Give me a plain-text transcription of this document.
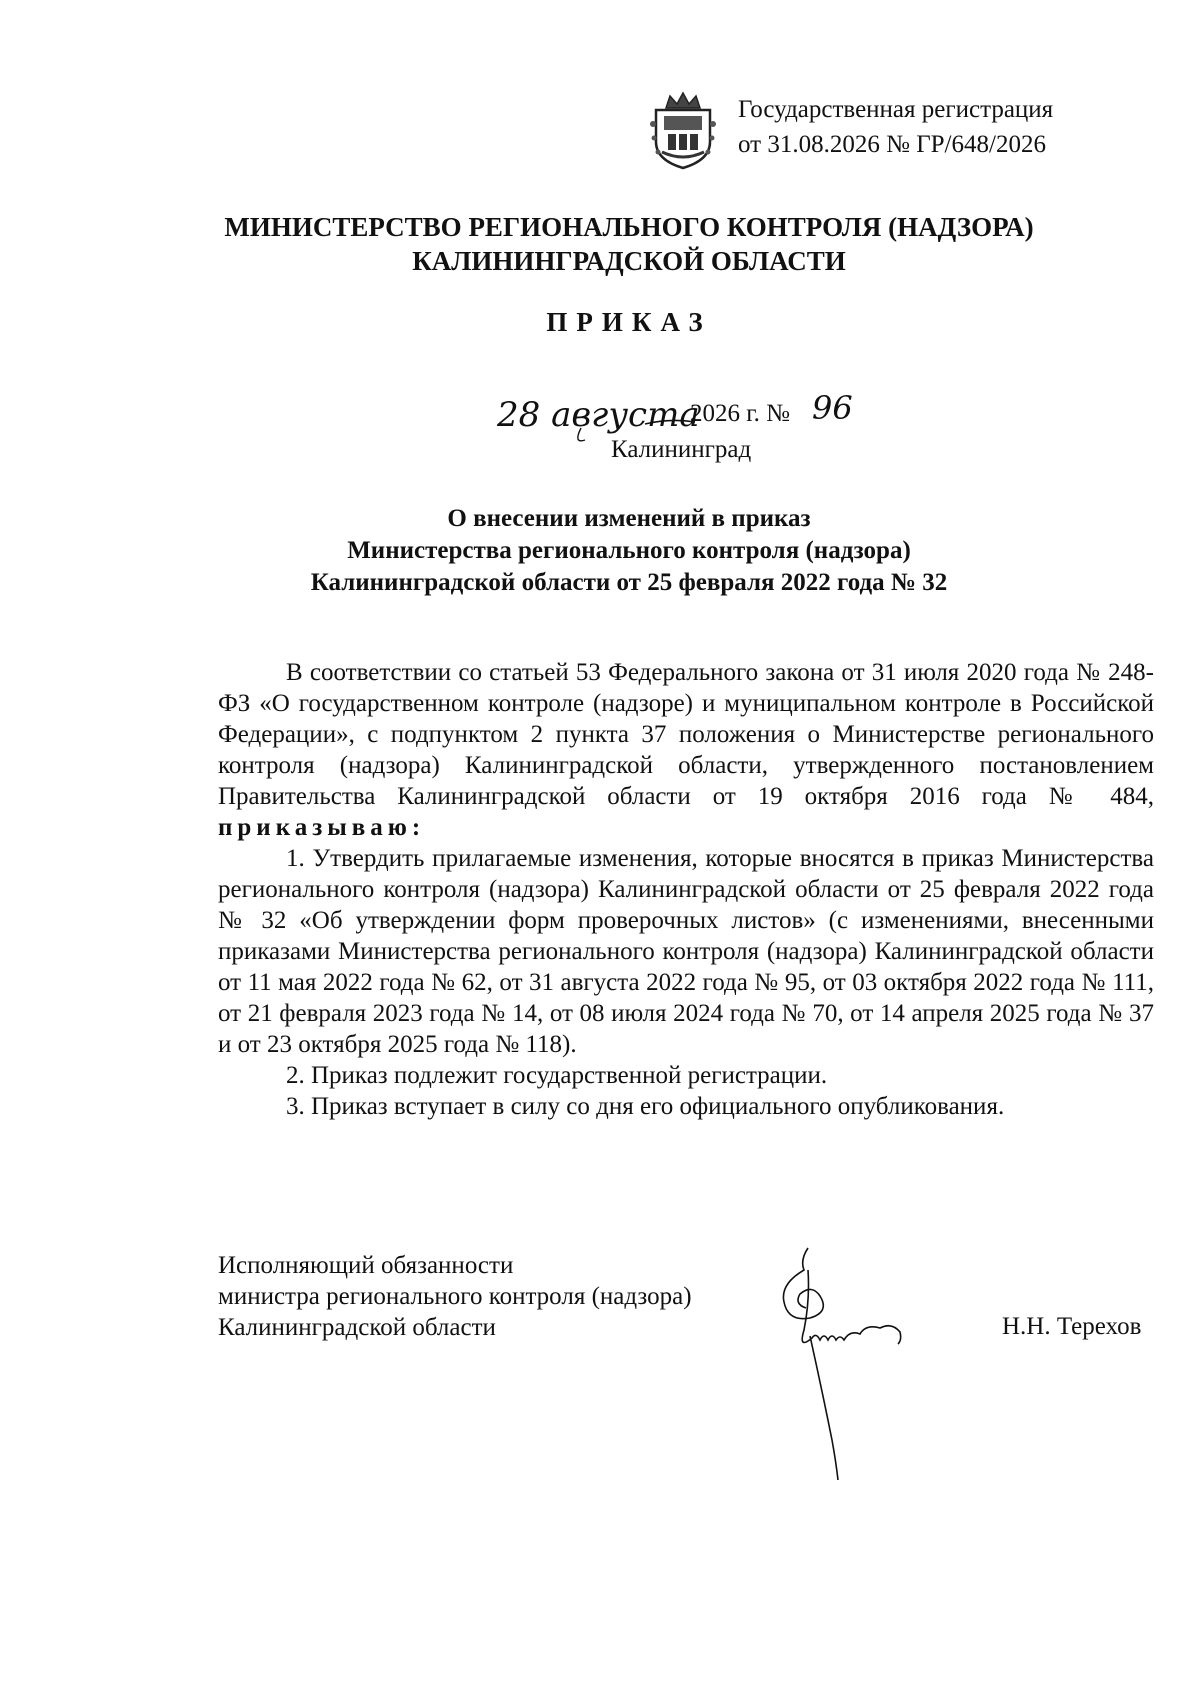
Государственная регистрация
от 31.08.2026 № ГР/648/2026
МИНИСТЕРСТВО РЕГИОНАЛЬНОГО КОНТРОЛЯ (НАДЗОРА)
КАЛИНИНГРАДСКОЙ ОБЛАСТИ
ПРИКАЗ
28 августа
2026 г. № 96
Калининград
О внесении изменений в приказ
Министерства регионального контроля (надзора)
Калининградской области от 25 февраля 2022 года № 32

В соответствии со статьей 53 Федерального закона от 31 июля 2020 года № 248-ФЗ «О государственном контроле (надзоре) и муниципальном контроле в Российской Федерации», с подпунктом 2 пункта 37 положения о Министерстве регионального контроля (надзора) Калининградской области, утвержденного постановлением Правительства Калининградской области от 19 октября 2016 года № 484, приказываю:

1. Утвердить прилагаемые изменения, которые вносятся в приказ Министерства регионального контроля (надзора) Калининградской области от 25 февраля 2022 года № 32 «Об утверждении форм проверочных листов» (с изменениями, внесенными приказами Министерства регионального контроля (надзора) Калининградской области от 11 мая 2022 года № 62, от 31 августа 2022 года № 95, от 03 октября 2022 года № 111, от 21 февраля 2023 года № 14, от 08 июля 2024 года № 70, от 14 апреля 2025 года № 37 и от 23 октября 2025 года № 118).

2. Приказ подлежит государственной регистрации.

3. Приказ вступает в силу со дня его официального опубликования.

Исполняющий обязанности
министра регионального контроля (надзора)
Калининградской области	Н.Н. Терехов
